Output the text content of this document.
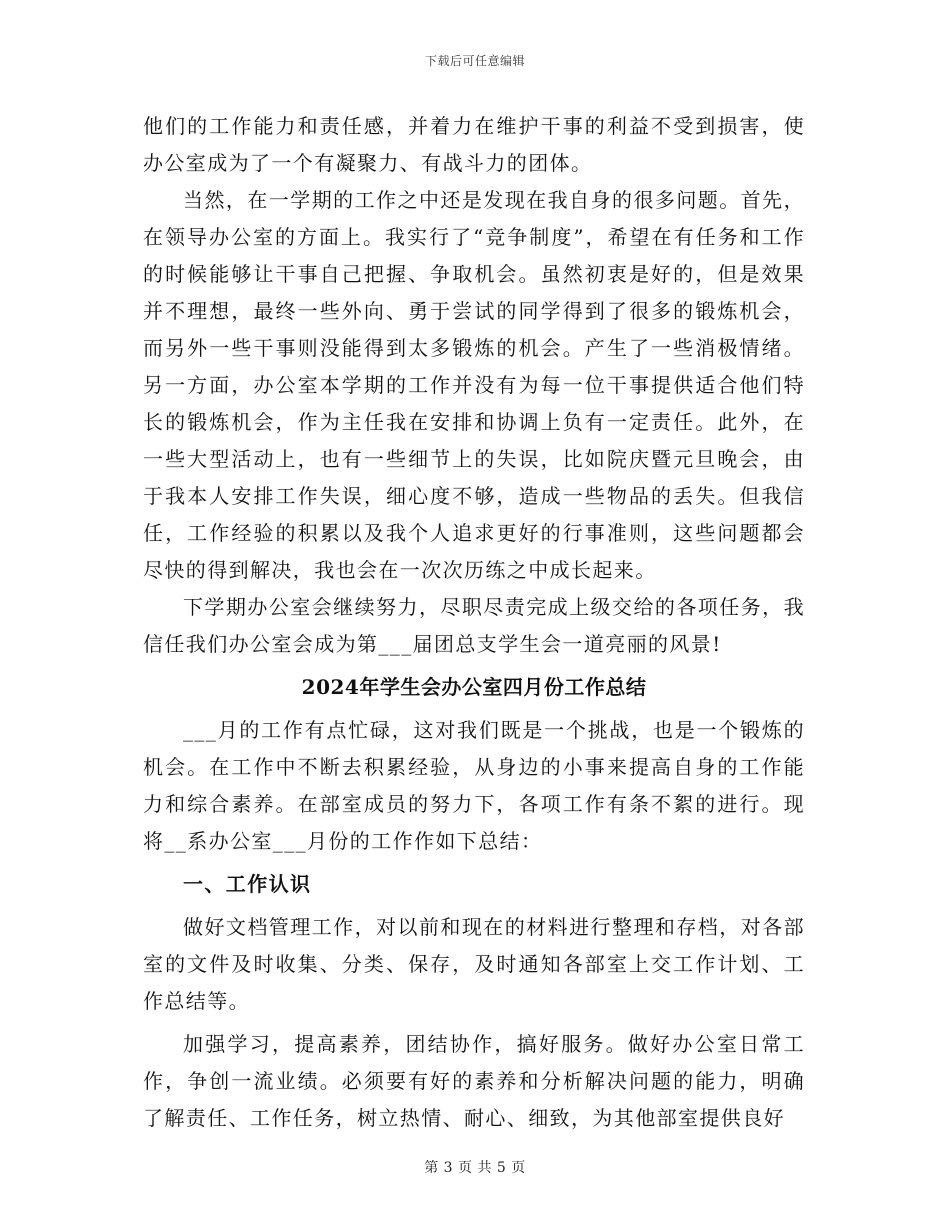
下载后可任意编辑

他们的工作能力和责任感，并着力在维护干事的利益不受到损害，使办公室成为了一个有凝聚力、有战斗力的团体。

当然，在一学期的工作之中还是发现在我自身的很多问题。首先，在领导办公室的方面上。我实行了“竞争制度”，希望在有任务和工作的时候能够让干事自己把握、争取机会。虽然初衷是好的，但是效果并不理想，最终一些外向、勇于尝试的同学得到了很多的锻炼机会，而另外一些干事则没能得到太多锻炼的机会。产生了一些消极情绪。另一方面，办公室本学期的工作并没有为每一位干事提供适合他们特长的锻炼机会，作为主任我在安排和协调上负有一定责任。此外，在一些大型活动上，也有一些细节上的失误，比如院庆暨元旦晚会，由于我本人安排工作失误，细心度不够，造成一些物品的丢失。但我信任，工作经验的积累以及我个人追求更好的行事准则，这些问题都会尽快的得到解决，我也会在一次次历练之中成长起来。

下学期办公室会继续努力，尽职尽责完成上级交给的各项任务，我信任我们办公室会成为第___届团总支学生会一道亮丽的风景!

2024年学生会办公室四月份工作总结

___月的工作有点忙碌，这对我们既是一个挑战，也是一个锻炼的机会。在工作中不断去积累经验，从身边的小事来提高自身的工作能力和综合素养。在部室成员的努力下，各项工作有条不絮的进行。现将__系办公室___月份的工作作如下总结：

一、工作认识

做好文档管理工作，对以前和现在的材料进行整理和存档，对各部室的文件及时收集、分类、保存，及时通知各部室上交工作计划、工作总结等。

加强学习，提高素养，团结协作，搞好服务。做好办公室日常工作，争创一流业绩。必须要有好的素养和分析解决问题的能力，明确了解责任、工作任务，树立热情、耐心、细致，为其他部室提供良好

第 3 页 共 5 页
